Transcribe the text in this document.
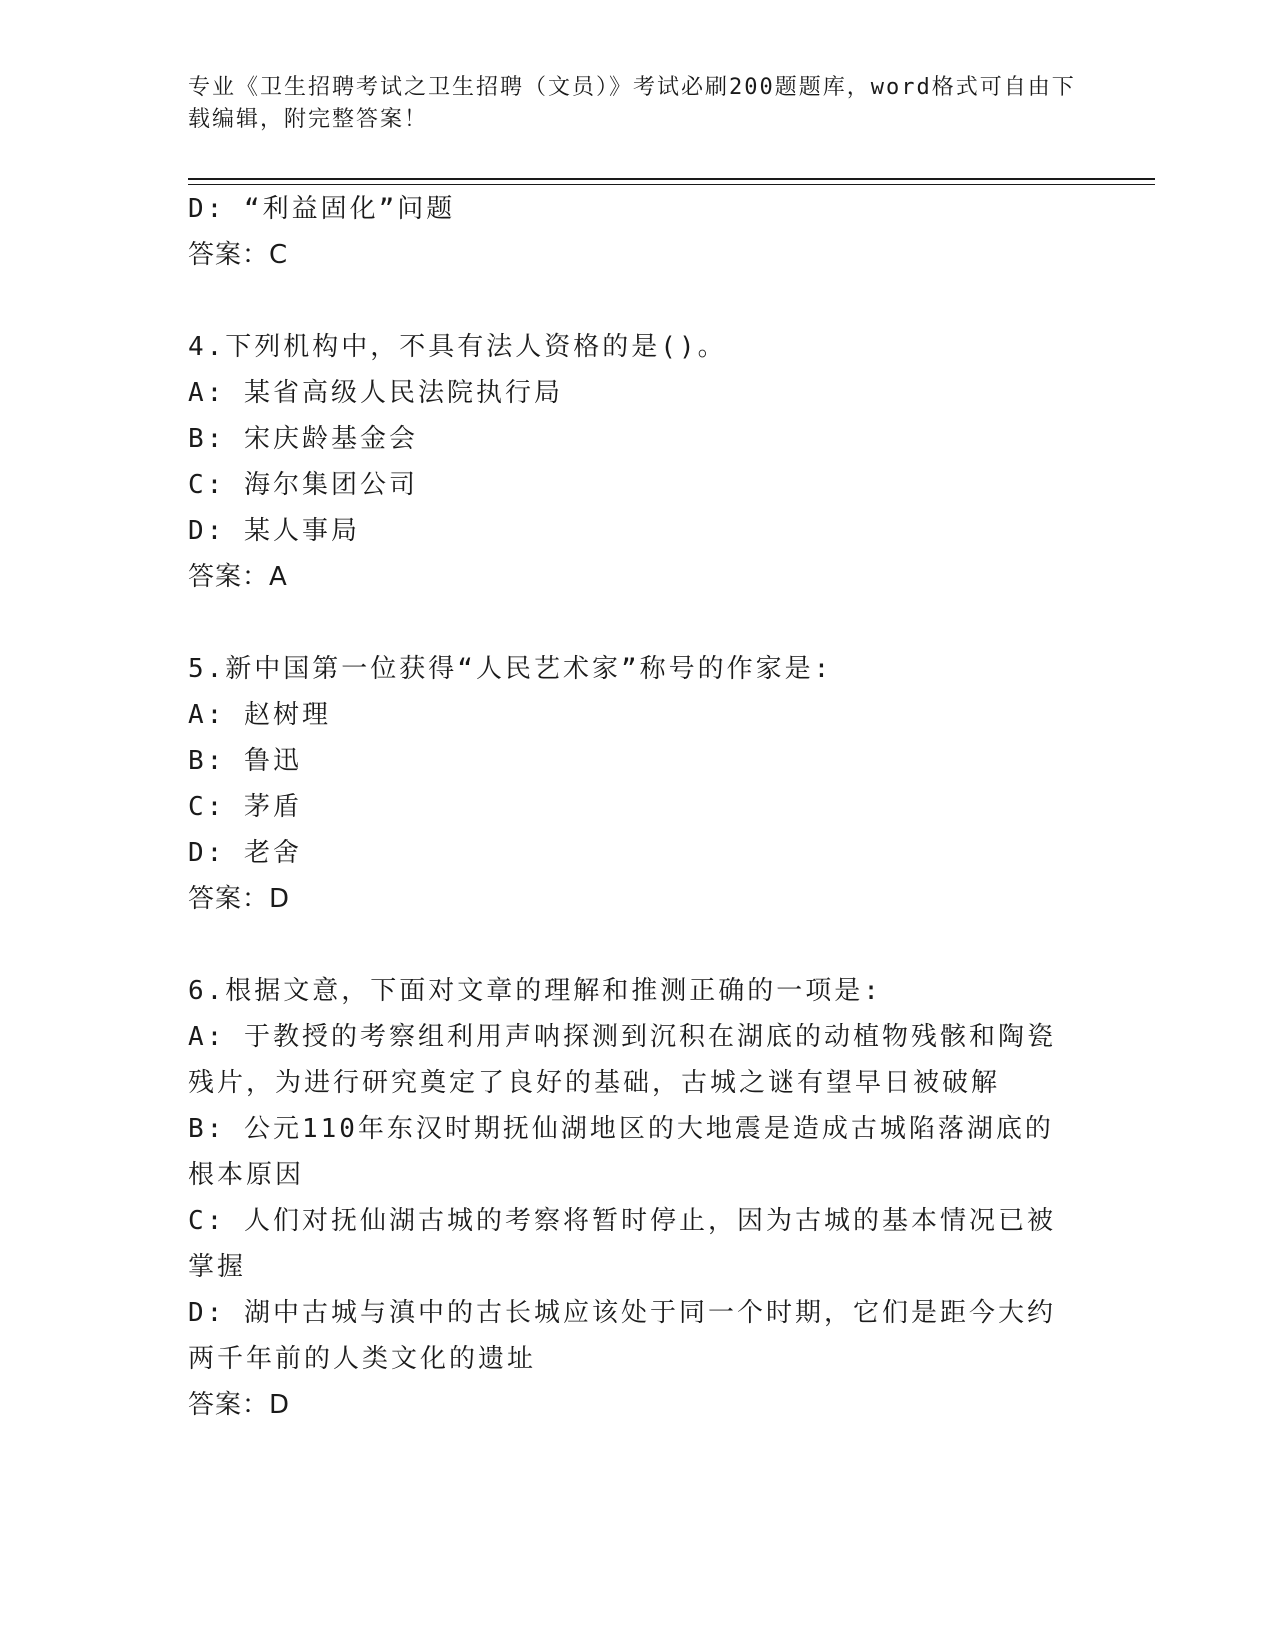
专业《卫生招聘考试之卫生招聘（文员）》考试必刷200题题库，word格式可自由下载编辑，附完整答案！
D: “利益固化”问题
答案：C
4.下列机构中，不具有法人资格的是()。
A: 某省高级人民法院执行局
B: 宋庆龄基金会
C: 海尔集团公司
D: 某人事局
答案：A
5.新中国第一位获得“人民艺术家”称号的作家是:
A: 赵树理
B: 鲁迅
C: 茅盾
D: 老舍
答案：D
6.根据文意，下面对文章的理解和推测正确的一项是:
A: 于教授的考察组利用声呐探测到沉积在湖底的动植物残骸和陶瓷残片，为进行研究奠定了良好的基础，古城之谜有望早日被破解
B: 公元110年东汉时期抚仙湖地区的大地震是造成古城陷落湖底的根本原因
C: 人们对抚仙湖古城的考察将暂时停止，因为古城的基本情况已被掌握
D: 湖中古城与滇中的古长城应该处于同一个时期，它们是距今大约两千年前的人类文化的遗址
答案：D
